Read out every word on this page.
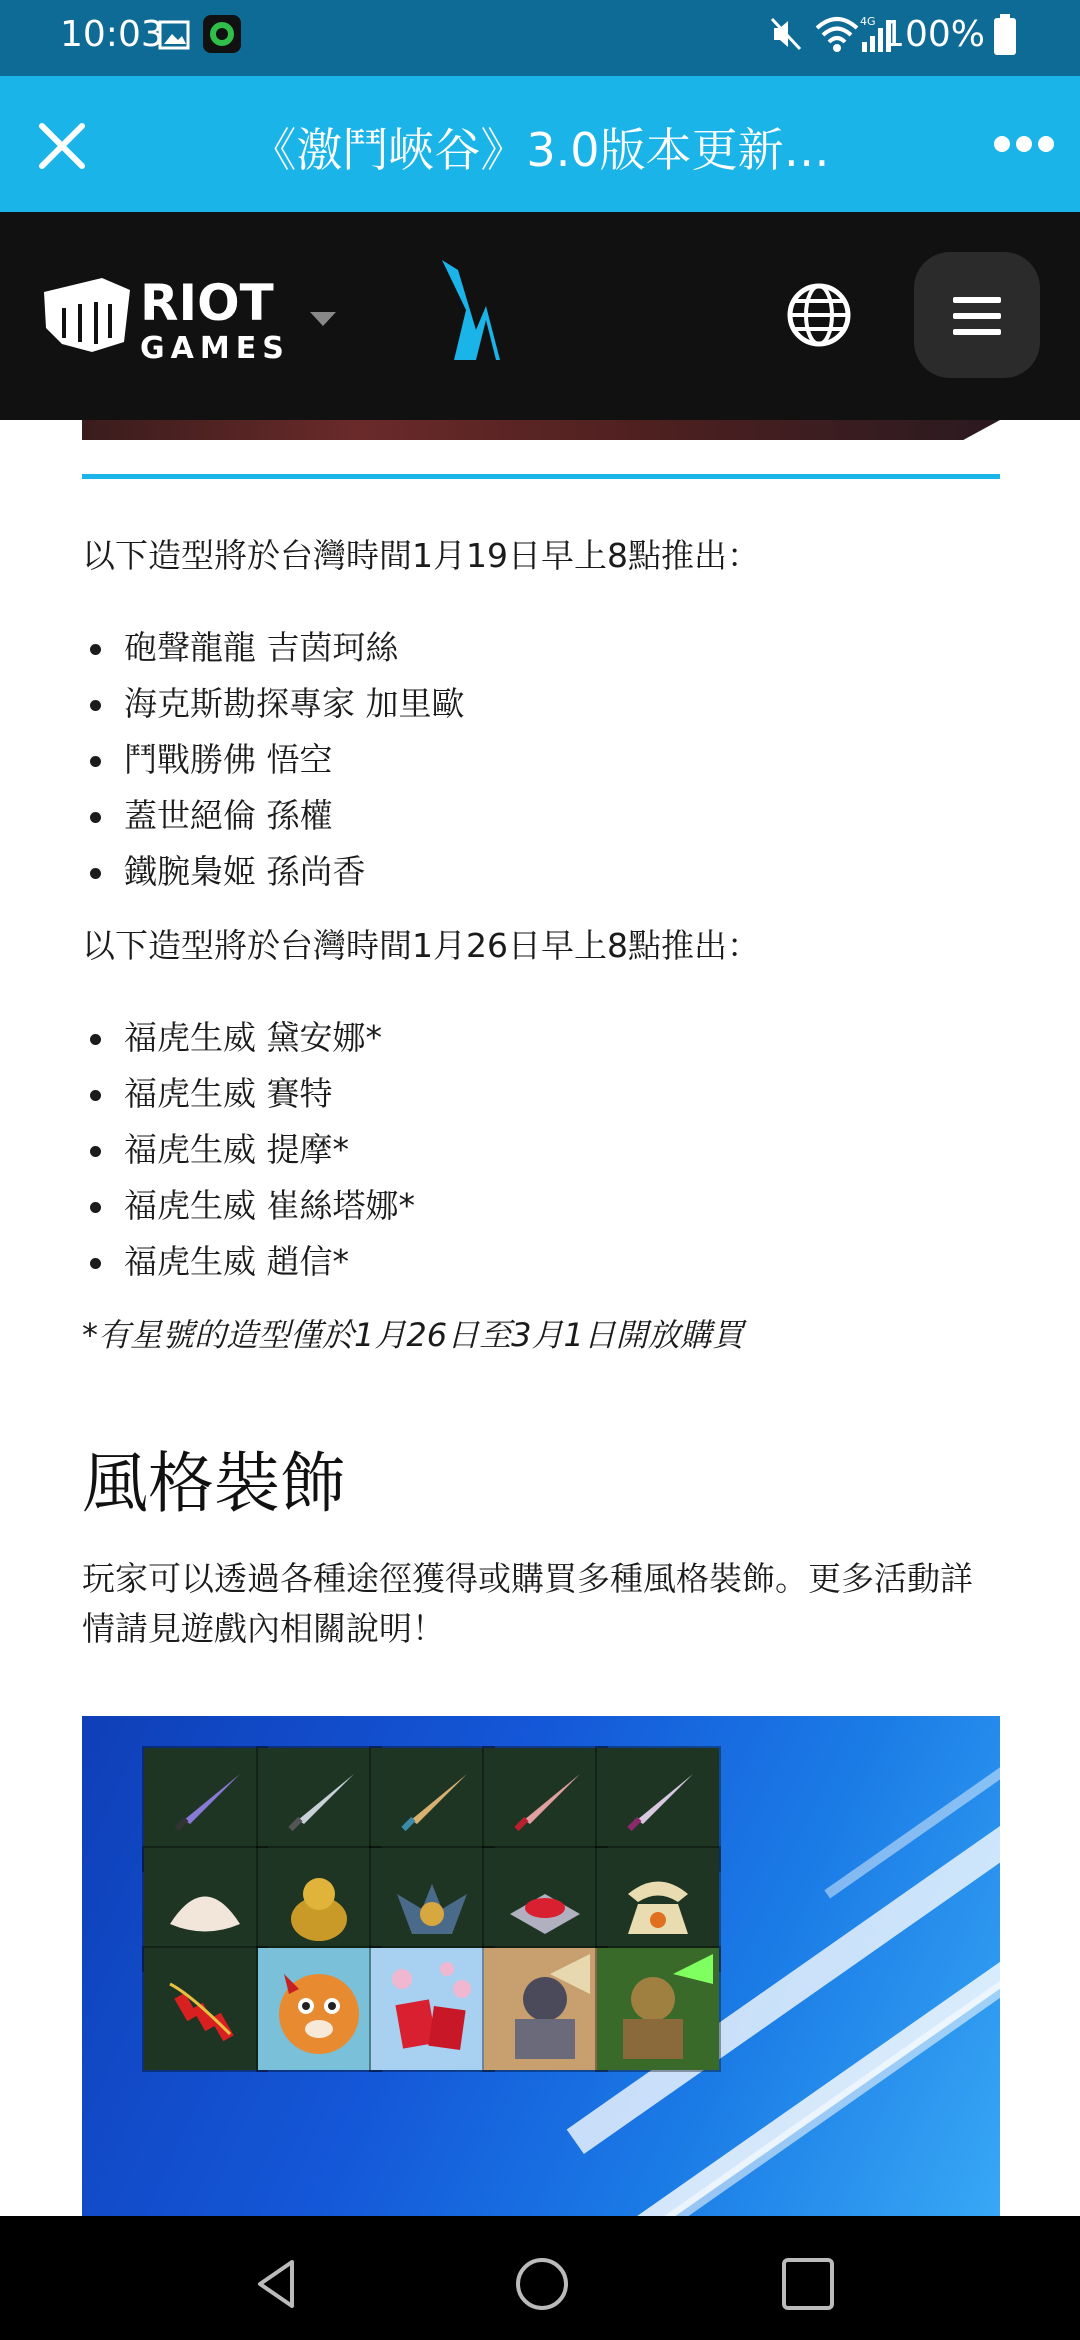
10:03	4G 100%
《激鬥峽谷》3.0版本更新…
RIOT
GAMES
以下造型將於台灣時間1月19日早上8點推出：
砲聲龍龍 吉茵珂絲
海克斯勘探專家 加里歐
鬥戰勝佛 悟空
蓋世絕倫 孫權
鐵腕梟姬 孫尚香
以下造型將於台灣時間1月26日早上8點推出：
福虎生威 黛安娜*
福虎生威 賽特
福虎生威 提摩*
福虎生威 崔絲塔娜*
福虎生威 趙信*
*有星號的造型僅於1月26日至3月1日開放購買
風格裝飾
玩家可以透過各種途徑獲得或購買多種風格裝飾。更多活動詳情請見遊戲內相關說明！
